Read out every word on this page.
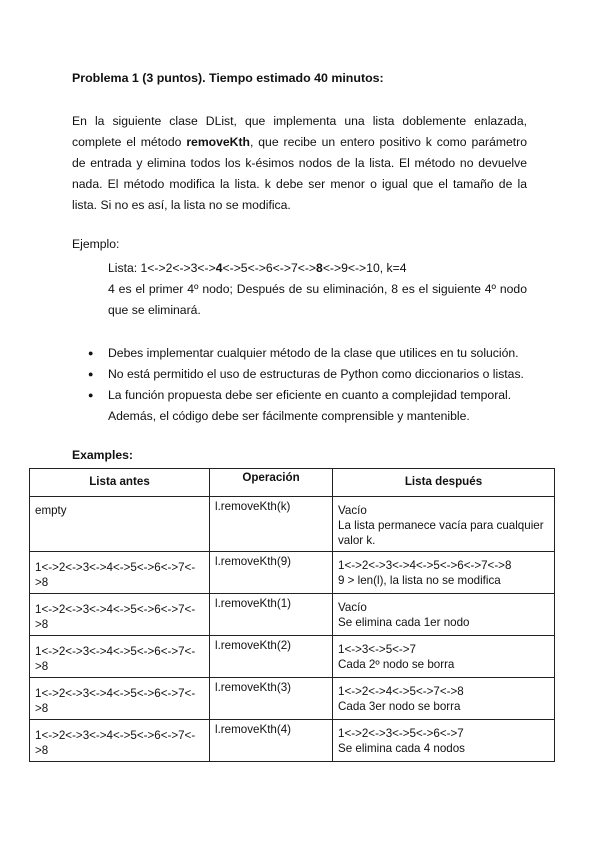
Problema 1 (3 puntos). Tiempo estimado 40 minutos:
En la siguiente clase DList, que implementa una lista doblemente enlazada, complete el método removeKth, que recibe un entero positivo k como parámetro de entrada y elimina todos los k-ésimos nodos de la lista. El método no devuelve nada. El método modifica la lista. k debe ser menor o igual que el tamaño de la lista. Si no es así, la lista no se modifica.
Ejemplo:
Lista: 1<->2<->3<->4<->5<->6<->7<->8<->9<->10, k=4
4 es el primer 4º nodo; Después de su eliminación, 8 es el siguiente 4º nodo que se eliminará.
● Debes implementar cualquier método de la clase que utilices en tu solución.
● No está permitido el uso de estructuras de Python como diccionarios o listas.
● La función propuesta debe ser eficiente en cuanto a complejidad temporal. Además, el código debe ser fácilmente comprensible y mantenible.
Examples:
Lista antes	Operación	Lista después
empty	l.removeKth(k)	Vacío
La lista permanece vacía para cualquier valor k.

1<->2<->3<->4<->5<->6<->7<->8	l.removeKth(9)	1<->2<->3<->4<->5<->6<->7<->8
9 > len(l), la lista no se modifica

1<->2<->3<->4<->5<->6<->7<->8	l.removeKth(1)	Vacío
Se elimina cada 1er nodo

1<->2<->3<->4<->5<->6<->7<->8	l.removeKth(2)	1<->3<->5<->7
Cada 2º nodo se borra

1<->2<->3<->4<->5<->6<->7<->8	l.removeKth(3)	1<->2<->4<->5<->7<->8
Cada 3er nodo se borra

1<->2<->3<->4<->5<->6<->7<->8	l.removeKth(4)	1<->2<->3<->5<->6<->7
Se elimina cada 4 nodos
